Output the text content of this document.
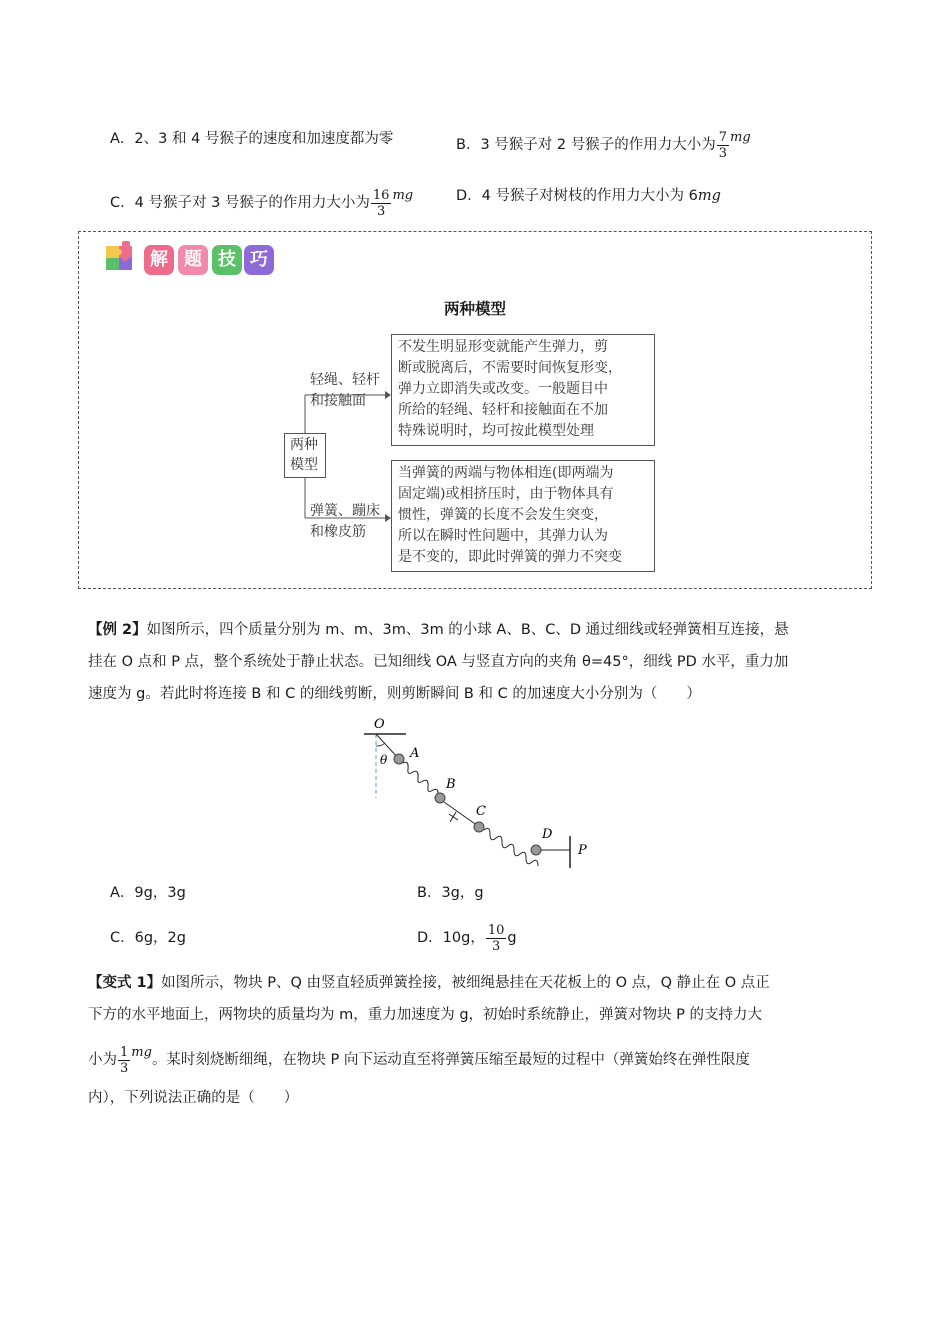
A．2、3 和 4 号猴子的速度和加速度都为零	B．3 号猴子对 2 号猴子的作用力大小为 $\frac{7}{3}$ mg
C．4 号猴子对 3 号猴子的作用力大小为 $\frac{16}{3}$ mg	D．4 号猴子对树枝的作用力大小为 6mg
解 题 技 巧
两种模型
两种
模型
轻绳、轻杆
和接触面
弹簧、蹦床
和橡皮筋
不发生明显形变就能产生弹力，剪
断或脱离后，不需要时间恢复形变，
弹力立即消失或改变。一般题目中
所给的轻绳、轻杆和接触面在不加
特殊说明时，均可按此模型处理
当弹簧的两端与物体相连(即两端为
固定端)或相挤压时，由于物体具有
惯性，弹簧的长度不会发生突变，
所以在瞬时性问题中，其弹力认为
是不变的，即此时弹簧的弹力不突变
【例 2】如图所示，四个质量分别为 m、m、3m、3m 的小球 A、B、C、D 通过细线或轻弹簧相互连接，悬
挂在 O 点和 P 点，整个系统处于静止状态。已知细线 OA 与竖直方向的夹角 θ=45°，细线 PD 水平，重力加
速度为 g。若此时将连接 B 和 C 的细线剪断，则剪断瞬间 B 和 C 的加速度大小分别为（　　）
O
A
θ
B
C
D
P
A．9g，3g	B．3g，g
C．6g，2g	D．10g， $\frac{10}{3}$ g
【变式 1】如图所示，物块 P、Q 由竖直轻质弹簧拴接，被细绳悬挂在天花板上的 O 点，Q 静止在 O 点正
下方的水平地面上，两物块的质量均为 m，重力加速度为 g，初始时系统静止，弹簧对物块 P 的支持力大
小为 $\frac{1}{3}$ mg。某时刻烧断细绳，在物块 P 向下运动直至将弹簧压缩至最短的过程中（弹簧始终在弹性限度
内），下列说法正确的是（　　）
